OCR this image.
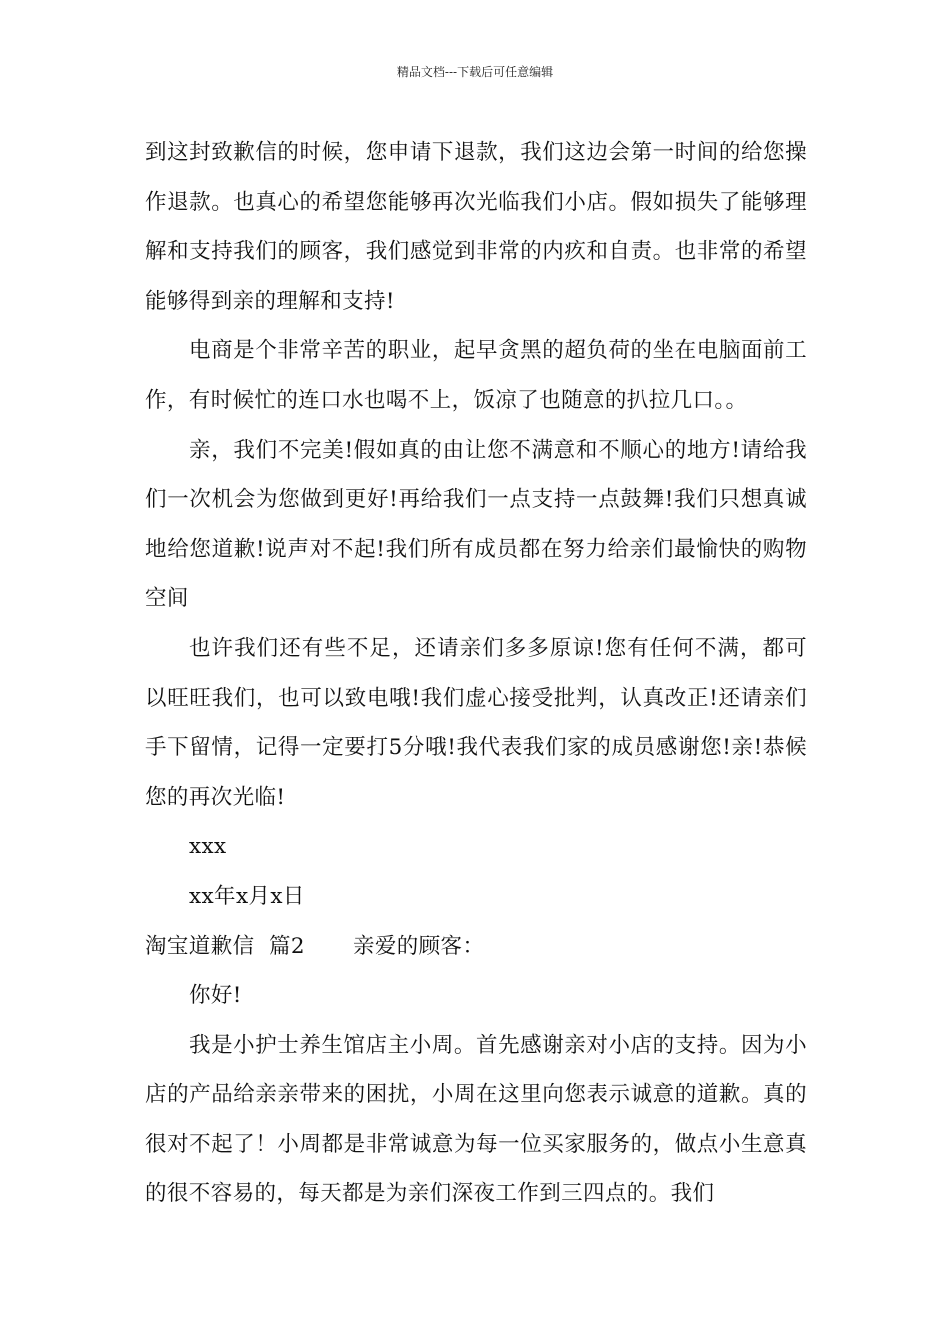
精品文档---下载后可任意编辑

到这封致歉信的时候，您申请下退款，我们这边会第一时间的给您操作退款。也真心的希望您能够再次光临我们小店。假如损失了能够理解和支持我们的顾客，我们感觉到非常的内疚和自责。也非常的希望能够得到亲的理解和支持!

电商是个非常辛苦的职业，起早贪黑的超负荷的坐在电脑面前工作，有时候忙的连口水也喝不上，饭凉了也随意的扒拉几口。。

亲，我们不完美!假如真的由让您不满意和不顺心的地方!请给我们一次机会为您做到更好!再给我们一点支持一点鼓舞!我们只想真诚地给您道歉!说声对不起!我们所有成员都在努力给亲们最愉快的购物空间

也许我们还有些不足，还请亲们多多原谅!您有任何不满，都可以旺旺我们，也可以致电哦!我们虚心接受批判，认真改正!还请亲们手下留情，记得一定要打5分哦!我代表我们家的成员感谢您!亲!恭候您的再次光临!

xxx

xx年x月x日

淘宝道歉信  篇2 亲爱的顾客：

你好!

我是小护士养生馆店主小周。首先感谢亲对小店的支持。因为小店的产品给亲亲带来的困扰，小周在这里向您表示诚意的道歉。真的很对不起了！小周都是非常诚意为每一位买家服务的，做点小生意真的很不容易的，每天都是为亲们深夜工作到三四点的。我们
